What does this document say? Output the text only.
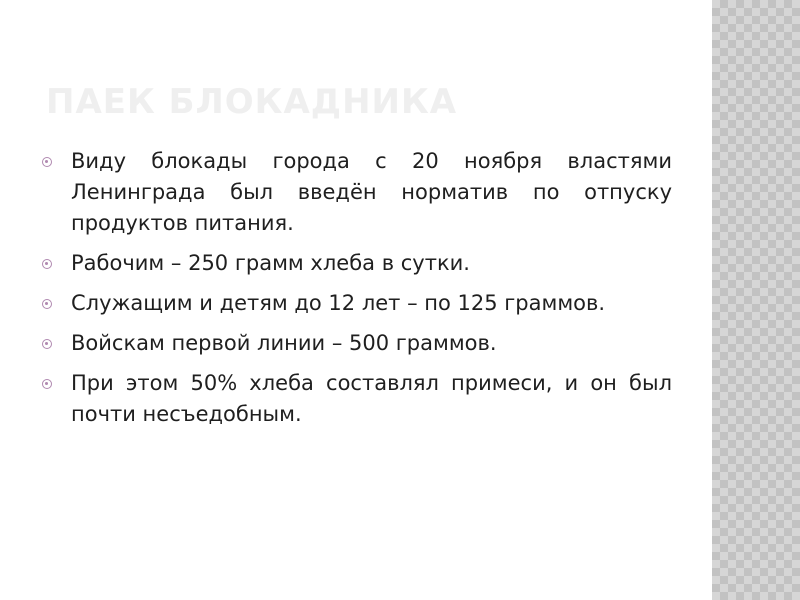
ПАЕК БЛОКАДНИКА
Виду блокады города с 20 ноября властями Ленинграда был введён норматив по отпуску продуктов питания.
Рабочим – 250 грамм хлеба в сутки.
Служащим и детям до 12 лет – по 125 граммов.
Войскам первой линии – 500 граммов.
При этом 50% хлеба составлял примеси, и он был почти несъедобным.
